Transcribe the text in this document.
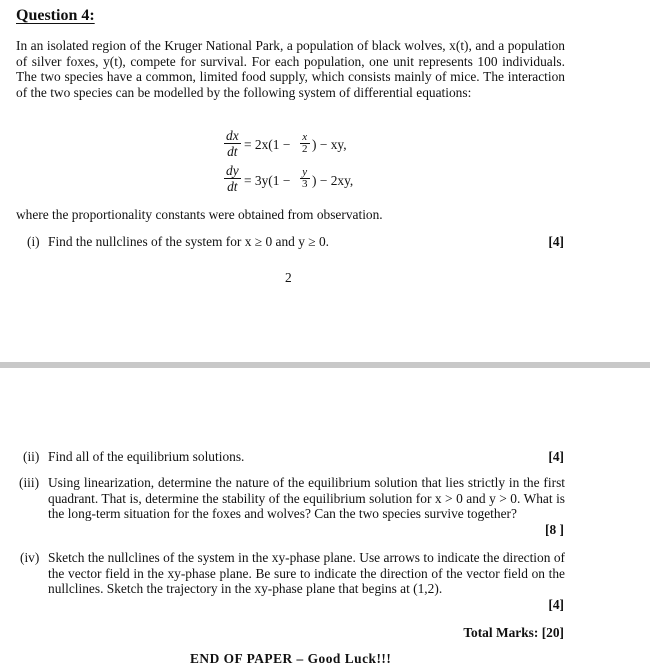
Question 4:
In an isolated region of the Kruger National Park, a population of black wolves, x(t), and a population of silver foxes, y(t), compete for survival. For each population, one unit represents 100 individuals. The two species have a common, limited food supply, which consists mainly of mice. The interaction of the two species can be modelled by the following system of differential equations:
dx
dt = 2x(1 − x
2 ) − xy,
dy
dt = 3y(1 −
y
3 ) − 2xy,
where the proportionality constants were obtained from observation.
(i) Find the nullclines of the system for x ≥ 0 and y ≥ 0.	[4]
2
(ii) Find all of the equilibrium solutions.	[4]
(iii) Using linearization, determine the nature of the equilibrium solution that lies strictly in the first quadrant. That is, determine the stability of the equilibrium solution for x > 0 and y > 0. What is the long-term situation for the foxes and wolves? Can the two species survive together?
[8 ]
(iv) Sketch the nullclines of the system in the xy-phase plane. Use arrows to indicate the direction of the vector field in the xy-phase plane. Be sure to indicate the direction of the vector field on the nullclines. Sketch the trajectory in the xy-phase plane that begins at (1,2).
[4]
Total Marks: [20]
END OF PAPER – Good Luck!!!
